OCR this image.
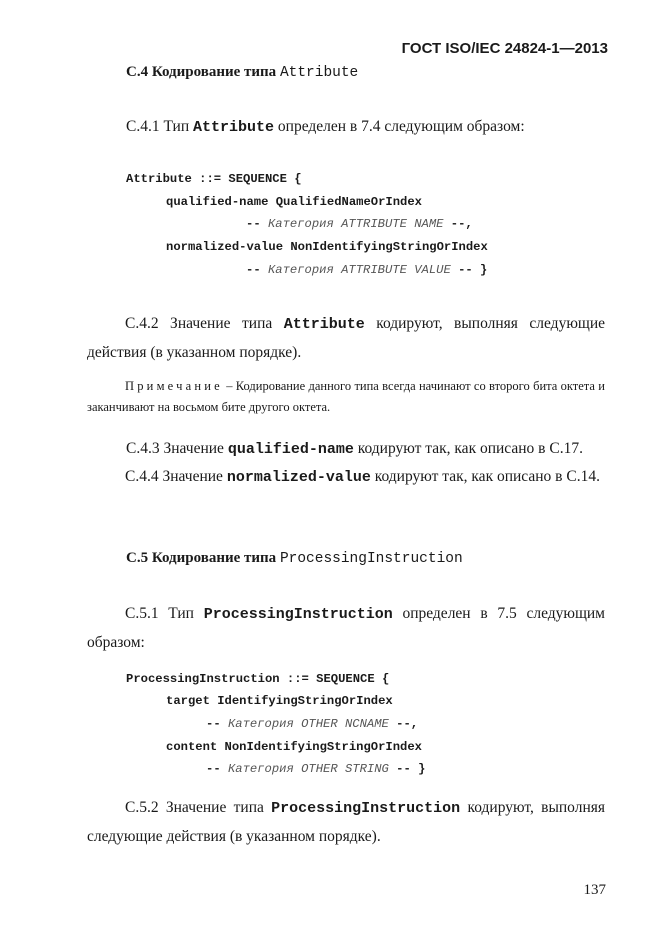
ГОСТ ISO/IEC 24824-1—2013
С.4 Кодирование типа Attribute
С.4.1 Тип Attribute определен в 7.4 следующим образом:
Attribute ::= SEQUENCE {
qualified-name QualifiedNameOrIndex
-- Категория ATTRIBUTE NAME --,
normalized-value NonIdentifyingStringOrIndex
-- Категория ATTRIBUTE VALUE -- }
С.4.2 Значение типа Attribute кодируют, выполняя следующие действия (в указанном порядке).
Примечание – Кодирование данного типа всегда начинают со второго бита октета и заканчивают на восьмом бите другого октета.
С.4.3 Значение qualified-name кодируют так, как описано в С.17.
С.4.4 Значение normalized-value кодируют так, как описано в С.14.
С.5 Кодирование типа ProcessingInstruction
С.5.1 Тип ProcessingInstruction определен в 7.5 следующим образом:
ProcessingInstruction ::= SEQUENCE {
target IdentifyingStringOrIndex
-- Категория OTHER NCNAME --,
content NonIdentifyingStringOrIndex
-- Категория OTHER STRING -- }
С.5.2 Значение типа ProcessingInstruction кодируют, выполняя следующие действия (в указанном порядке).
137
